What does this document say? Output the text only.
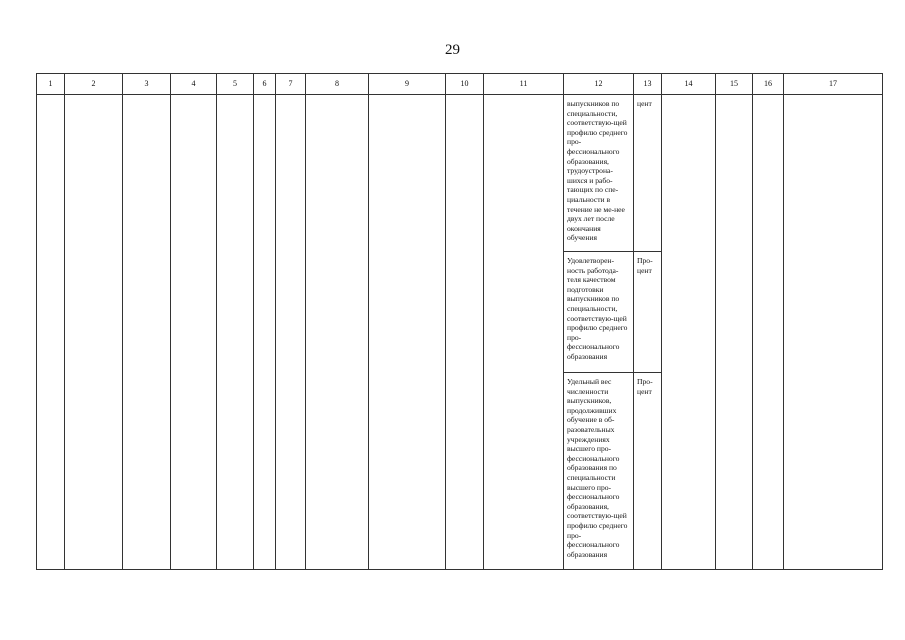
29
1	2	3	4	5	6	7	8	9	10	11	12	13	14	15	16	17

											выпускников по специальности, соответствую-щей профилю среднего про-фессионального образования, трудоустрона-шихся и рабо-тающих по спе-циальности в течение не ме-нее двух лет после окончания обучения	цент				

											Удовлетворен-ность работода-теля качеством подготовки выпускников по специальности, соответствую-щей профилю среднего про-фессионального образования	Про-цент				

											Удельный вес численности выпускников, продолживших обучение в об-разовательных учреждениях высшего про-фессионального образования по специальности высшего про-фессионального образования, соответствую-щей профилю среднего про-фессионального образования	Про-цент				
